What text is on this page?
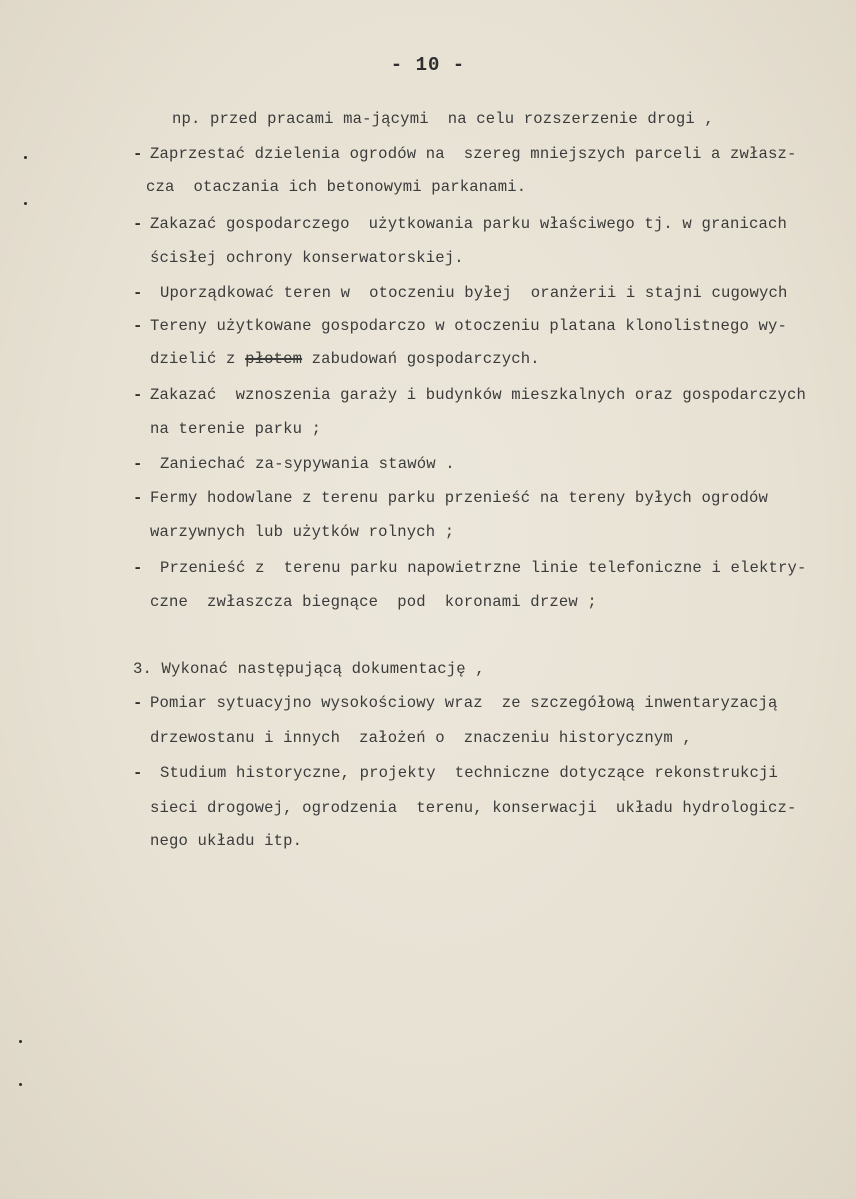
- 10 -
np. przed pracami ma-jącymi  na celu rozszerzenie drogi ,
- Zaprzestać dzielenia ogrodów na  szereg mniejszych parceli a zwłasz-
cza  otaczania ich betonowymi parkanami.
- Zakazać gospodarczego  użytkowania parku właściwego tj. w granicach
ścisłej ochrony konserwatorskiej.
- Uporządkować teren w  otoczeniu byłej  oranżerii i stajni cugowych
- Tereny użytkowane gospodarczo w otoczeniu platana klonolistnego wy-
dzielić z płotem zabudowań gospodarczych.
- Zakazać  wznoszenia garaży i budynków mieszkalnych oraz gospodarczych
na terenie parku ;
- Zaniechać za-sypywania stawów .
- Fermy hodowlane z terenu parku przenieść na tereny byłych ogrodów
warzywnych lub użytków rolnych ;
- Przenieść z  terenu parku napowietrzne linie telefoniczne i elektry-
czne  zwłaszcza biegnące  pod  koronami drzew ;
3. Wykonać następującą dokumentację ,
- Pomiar sytuacyjno wysokościowy wraz  ze szczegółową inwentaryzacją
drzewostanu i innych  założeń o  znaczeniu historycznym ,
- Studium historyczne, projekty  techniczne dotyczące rekonstrukcji
sieci drogowej, ogrodzenia  terenu, konserwacji  układu hydrologicz-
nego układu itp.
